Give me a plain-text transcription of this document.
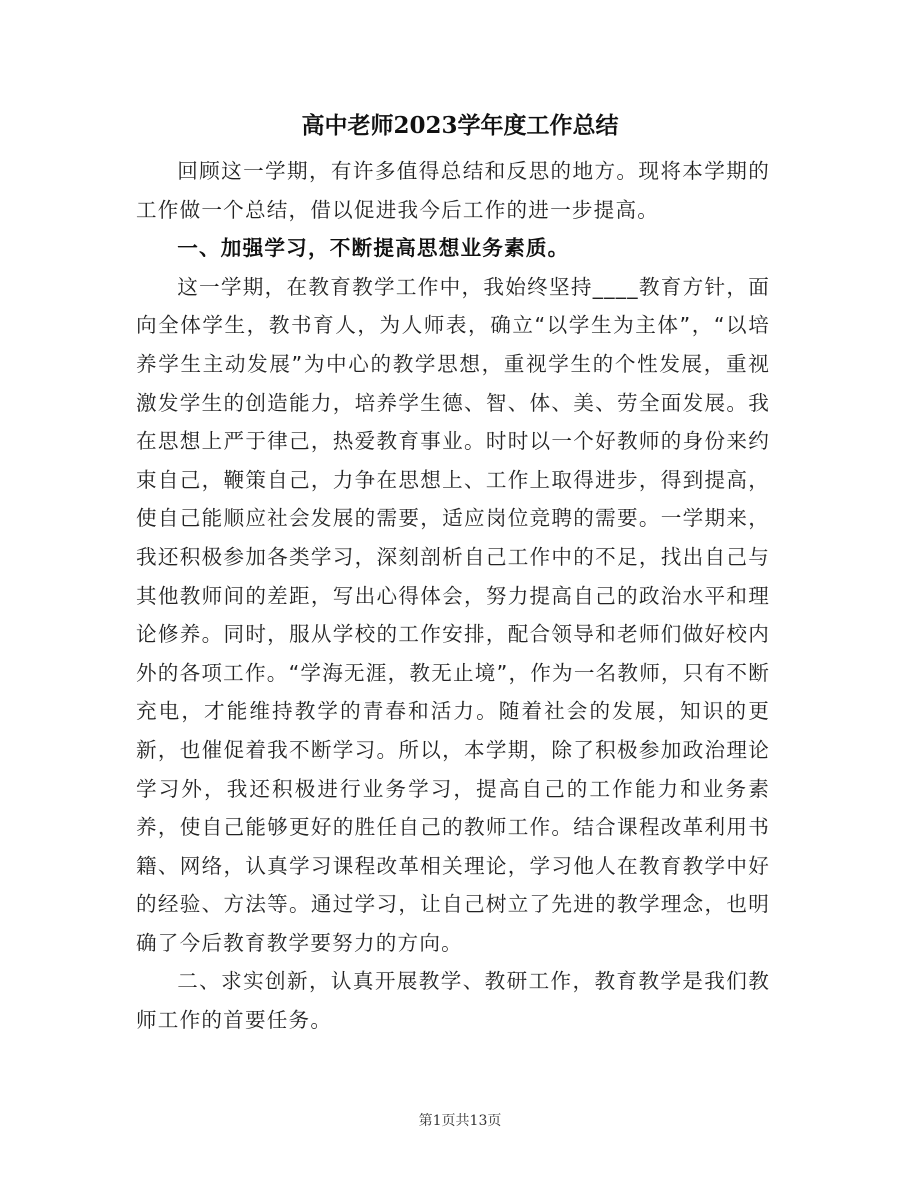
高中老师2023学年度工作总结

回顾这一学期，有许多值得总结和反思的地方。现将本学期的工作做一个总结，借以促进我今后工作的进一步提高。

一、加强学习，不断提高思想业务素质。

这一学期，在教育教学工作中，我始终坚持____教育方针，面向全体学生，教书育人，为人师表，确立“以学生为主体”，“以培养学生主动发展”为中心的教学思想，重视学生的个性发展，重视激发学生的创造能力，培养学生德、智、体、美、劳全面发展。我在思想上严于律己，热爱教育事业。时时以一个好教师的身份来约束自己，鞭策自己，力争在思想上、工作上取得进步，得到提高，使自己能顺应社会发展的需要，适应岗位竞聘的需要。一学期来，我还积极参加各类学习，深刻剖析自己工作中的不足，找出自己与其他教师间的差距，写出心得体会，努力提高自己的政治水平和理论修养。同时，服从学校的工作安排，配合领导和老师们做好校内外的各项工作。“学海无涯，教无止境”，作为一名教师，只有不断充电，才能维持教学的青春和活力。随着社会的发展，知识的更新，也催促着我不断学习。所以，本学期，除了积极参加政治理论学习外，我还积极进行业务学习，提高自己的工作能力和业务素养，使自己能够更好的胜任自己的教师工作。结合课程改革利用书籍、网络，认真学习课程改革相关理论，学习他人在教育教学中好的经验、方法等。通过学习，让自己树立了先进的教学理念，也明确了今后教育教学要努力的方向。

二、求实创新，认真开展教学、教研工作，教育教学是我们教师工作的首要任务。

第1页共13页
